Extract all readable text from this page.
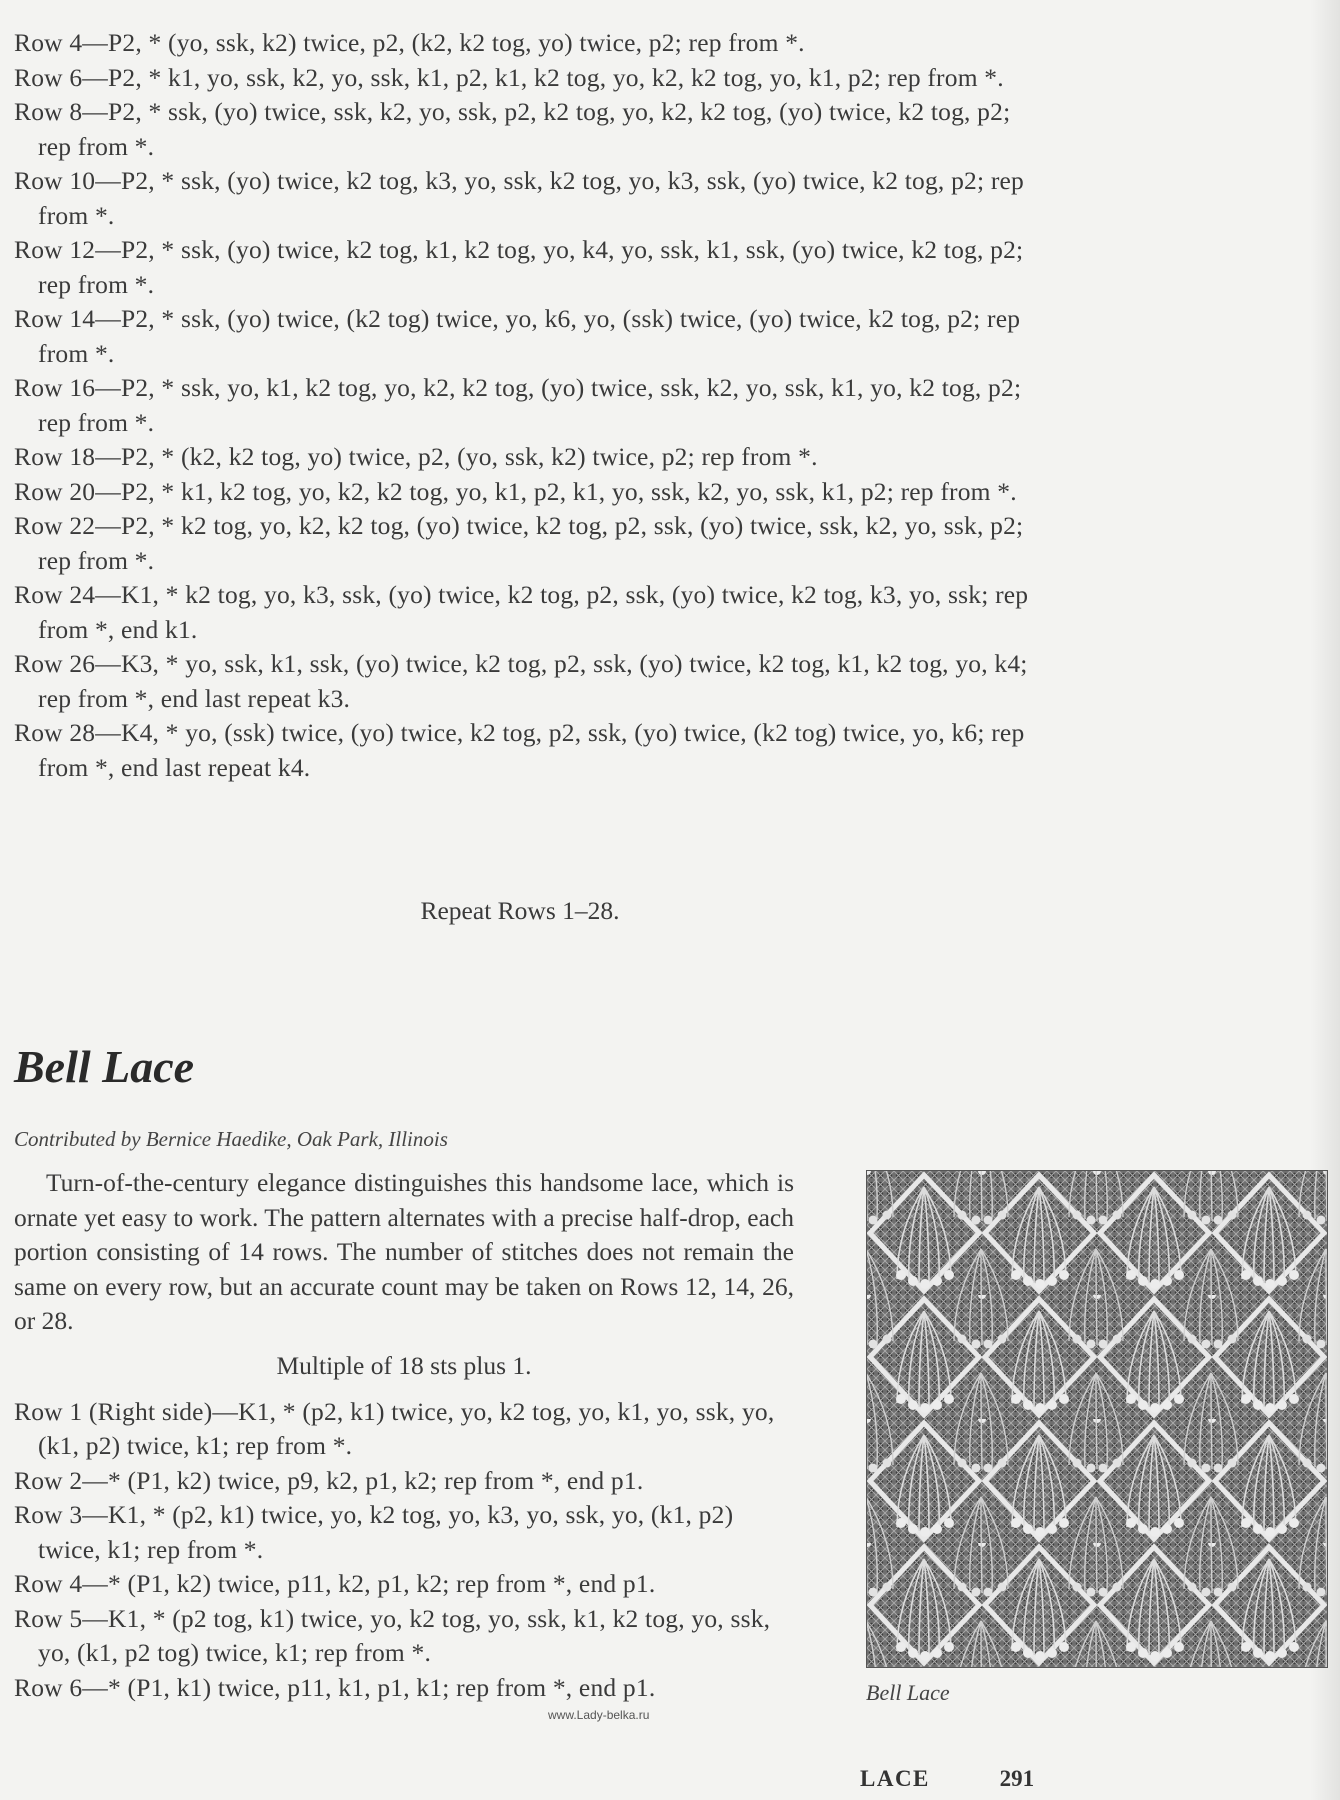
Row 4—P2, * (yo, ssk, k2) twice, p2, (k2, k2 tog, yo) twice, p2; rep from *.

Row 6—P2, * k1, yo, ssk, k2, yo, ssk, k1, p2, k1, k2 tog, yo, k2, k2 tog, yo, k1, p2; rep from *.

Row 8—P2, * ssk, (yo) twice, ssk, k2, yo, ssk, p2, k2 tog, yo, k2, k2 tog, (yo) twice, k2 tog, p2; rep from *.

Row 10—P2, * ssk, (yo) twice, k2 tog, k3, yo, ssk, k2 tog, yo, k3, ssk, (yo) twice, k2 tog, p2; rep from *.

Row 12—P2, * ssk, (yo) twice, k2 tog, k1, k2 tog, yo, k4, yo, ssk, k1, ssk, (yo) twice, k2 tog, p2; rep from *.

Row 14—P2, * ssk, (yo) twice, (k2 tog) twice, yo, k6, yo, (ssk) twice, (yo) twice, k2 tog, p2; rep from *.

Row 16—P2, * ssk, yo, k1, k2 tog, yo, k2, k2 tog, (yo) twice, ssk, k2, yo, ssk, k1, yo, k2 tog, p2; rep from *.

Row 18—P2, * (k2, k2 tog, yo) twice, p2, (yo, ssk, k2) twice, p2; rep from *.

Row 20—P2, * k1, k2 tog, yo, k2, k2 tog, yo, k1, p2, k1, yo, ssk, k2, yo, ssk, k1, p2; rep from *.

Row 22—P2, * k2 tog, yo, k2, k2 tog, (yo) twice, k2 tog, p2, ssk, (yo) twice, ssk, k2, yo, ssk, p2; rep from *.

Row 24—K1, * k2 tog, yo, k3, ssk, (yo) twice, k2 tog, p2, ssk, (yo) twice, k2 tog, k3, yo, ssk; rep from *, end k1.

Row 26—K3, * yo, ssk, k1, ssk, (yo) twice, k2 tog, p2, ssk, (yo) twice, k2 tog, k1, k2 tog, yo, k4; rep from *, end last repeat k3.

Row 28—K4, * yo, (ssk) twice, (yo) twice, k2 tog, p2, ssk, (yo) twice, (k2 tog) twice, yo, k6; rep from *, end last repeat k4.

Repeat Rows 1–28.

Bell Lace

Contributed by Bernice Haedike, Oak Park, Illinois

Turn-of-the-century elegance distinguishes this handsome lace, which is ornate yet easy to work. The pattern alternates with a precise half-drop, each portion consisting of 14 rows. The number of stitches does not remain the same on every row, but an accurate count may be taken on Rows 12, 14, 26, or 28.

Multiple of 18 sts plus 1.

Row 1 (Right side)—K1, * (p2, k1) twice, yo, k2 tog, yo, k1, yo, ssk, yo, (k1, p2) twice, k1; rep from *.

Row 2—* (P1, k2) twice, p9, k2, p1, k2; rep from *, end p1.

Row 3—K1, * (p2, k1) twice, yo, k2 tog, yo, k3, yo, ssk, yo, (k1, p2) twice, k1; rep from *.

Row 4—* (P1, k2) twice, p11, k2, p1, k2; rep from *, end p1.

Row 5—K1, * (p2 tog, k1) twice, yo, k2 tog, yo, ssk, k1, k2 tog, yo, ssk, yo, (k1, p2 tog) twice, k1; rep from *.

Row 6—* (P1, k1) twice, p11, k1, p1, k1; rep from *, end p1.	Bell Lace

www.Lady-belka.ru

LACE	291
